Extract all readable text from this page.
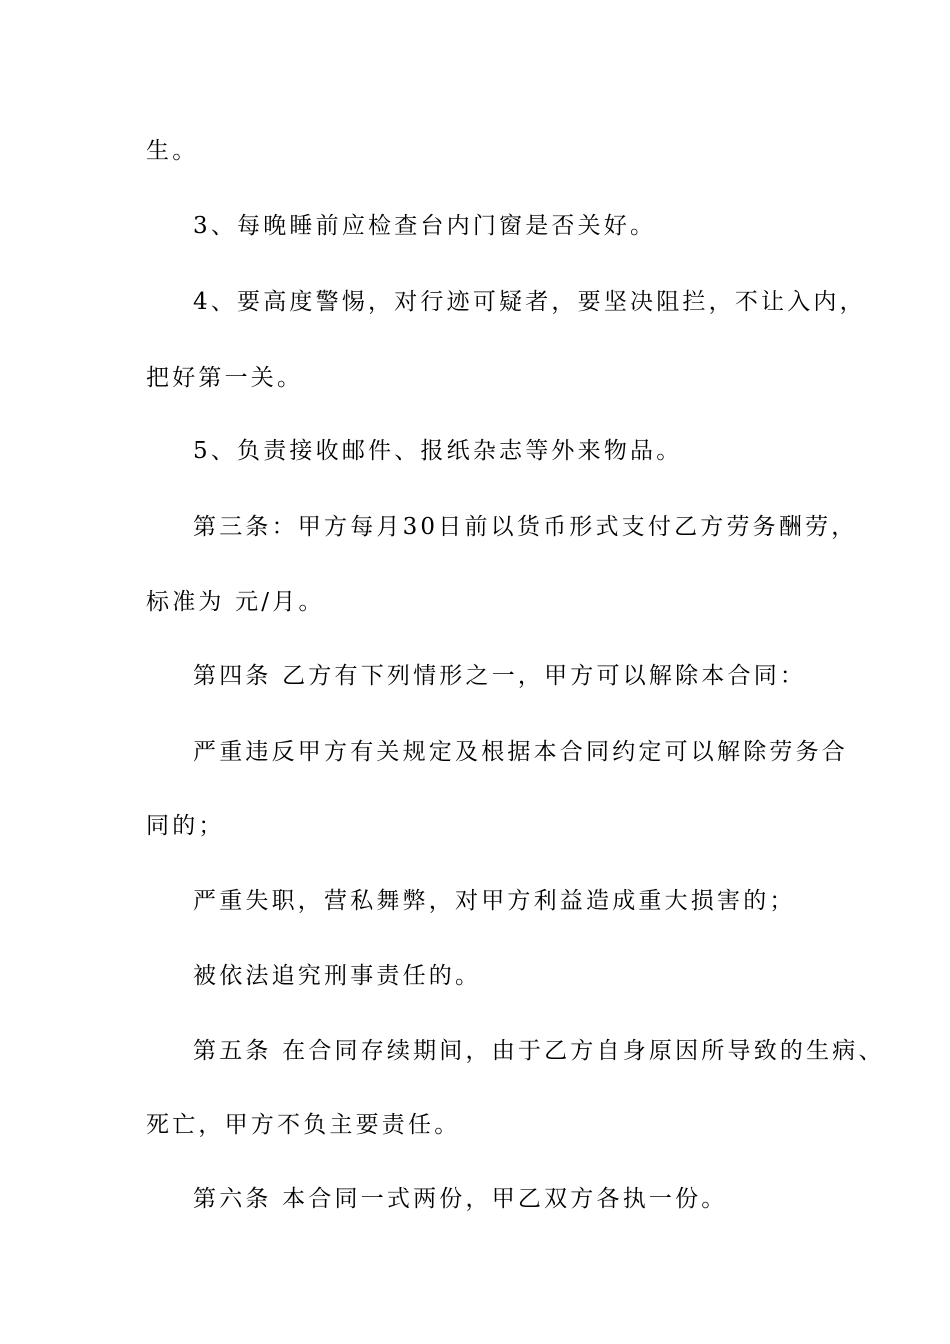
生。
3、每晚睡前应检查台内门窗是否关好。
4、要高度警惕，对行迹可疑者，要坚决阻拦，不让入内，
把好第一关。
5、负责接收邮件、报纸杂志等外来物品。
第三条：甲方每月30日前以货币形式支付乙方劳务酬劳，
标准为 元/月。
第四条 乙方有下列情形之一，甲方可以解除本合同：
严重违反甲方有关规定及根据本合同约定可以解除劳务合
同的；
严重失职，营私舞弊，对甲方利益造成重大损害的；
被依法追究刑事责任的。
第五条 在合同存续期间，由于乙方自身原因所导致的生病、
死亡，甲方不负主要责任。
第六条 本合同一式两份，甲乙双方各执一份。
